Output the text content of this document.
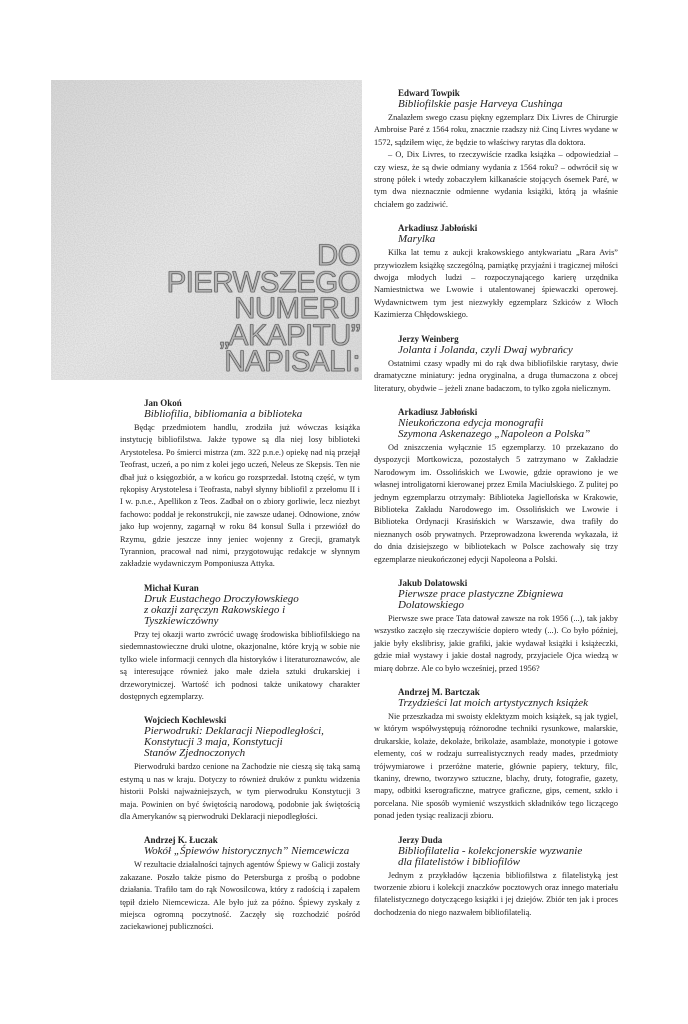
DO
PIERWSZEGO
NUMERU
„AKAPITU”
NAPISALI:
Jan Okoń
Bibliofilia, bibliomania a biblioteka

Będąc przedmiotem handlu, zrodziła już wówczas książka instytucję bibliofilstwa. Jakże typowe są dla niej losy biblioteki Arystotelesa. Po śmierci mistrza (zm. 322 p.n.e.) opiekę nad nią przejął Teofrast, uczeń, a po nim z kolei jego uczeń, Neleus ze Skepsis. Ten nie dbał już o księgozbiór, a w końcu go rozsprzedał. Istotną część, w tym rękopisy Arystotelesa i Teofrasta, nabył słynny bibliofil z przełomu II i I w. p.n.e., Apellikon z Teos. Zadbał on o zbiory gorliwie, lecz niezbyt fachowo: poddał je rekonstrukcji, nie zawsze udanej. Odnowione, znów jako łup wojenny, zagarnął w roku 84 konsul Sulla i przewiózł do Rzymu, gdzie jeszcze inny jeniec wojenny z Grecji, gramatyk Tyrannion, pracował nad nimi, przygotowując redakcje w słynnym zakładzie wydawniczym Pomponiusza Attyka.

Michał Kuran
Druk Eustachego Droczyłowskiego
z okazji zaręczyn Rakowskiego i Tyszkiewiczówny

Przy tej okazji warto zwrócić uwagę środowiska bibliofilskiego na siedemnastowieczne druki ulotne, okazjonalne, które kryją w sobie nie tylko wiele informacji cennych dla historyków i literaturoznawców, ale są interesujące również jako małe dzieła sztuki drukarskiej i drzeworytniczej. Wartość ich podnosi także unikatowy charakter dostępnych egzemplarzy.

Wojciech Kochlewski
Pierwodruki: Deklaracji Niepodległości,
Konstytucji 3 maja, Konstytucji
Stanów Zjednoczonych

Pierwodruki bardzo cenione na Zachodzie nie cieszą się taką samą estymą u nas w kraju. Dotyczy to również druków z punktu widzenia historii Polski najważniejszych, w tym pierwodruku Konstytucji 3 maja. Powinien on być świętością narodową, podobnie jak świętością dla Amerykanów są pierwodruki Deklaracji niepodległości.

Andrzej K. Łuczak
Wokół „Śpiewów historycznych” Niemcewicza

W rezultacie działalności tajnych agentów Śpiewy w Galicji zostały zakazane. Poszło także pismo do Petersburga z prośbą o podobne działania. Trafiło tam do rąk Nowosilcowa, który z radością i zapałem tępił dzieło Niemcewicza. Ale było już za późno. Śpiewy zyskały z miejsca ogromną poczytność. Zaczęły się rozchodzić pośród zaciekawionej publiczności.

Edward Towpik
Bibliofilskie pasje Harveya Cushinga

Znalazłem swego czasu piękny egzemplarz Dix Livres de Chirurgie Ambroise Paré z 1564 roku, znacznie rzadszy niż Cinq Livres wydane w 1572, sądziłem więc, że będzie to właściwy rarytas dla doktora.

– O, Dix Livres, to rzeczywiście rzadka książka – odpowiedział – czy wiesz, że są dwie odmiany wydania z 1564 roku? – odwrócił się w stronę półek i wtedy zobaczyłem kilkanaście stojących ósemek Paré, w tym dwa nieznacznie odmienne wydania książki, którą ja właśnie chciałem go zadziwić.

Arkadiusz Jabłoński
Marylka

Kilka lat temu z aukcji krakowskiego antykwariatu „Rara Avis” przywiozłem książkę szczególną, pamiątkę przyjaźni i tragicznej miłości dwojga młodych ludzi – rozpoczynającego karierę urzędnika Namiestnictwa we Lwowie i utalentowanej śpiewaczki operowej. Wydawnictwem tym jest niezwykły egzemplarz Szkiców z Włoch Kazimierza Chłędowskiego.

Jerzy Weinberg
Jolanta i Jolanda, czyli Dwaj wybrańcy

Ostatnimi czasy wpadły mi do rąk dwa bibliofilskie rarytasy, dwie dramatyczne miniatury: jedna oryginalna, a druga tłumaczona z obcej literatury, obydwie – jeżeli znane badaczom, to tylko zgoła nielicznym.

Arkadiusz Jabłoński
Nieukończona edycja monografii
Szymona Askenazego „Napoleon a Polska”

Od zniszczenia wyłącznie 15 egzemplarzy. 10 przekazano do dyspozycji Mortkowicza, pozostałych 5 zatrzymano w Zakładzie Narodowym im. Ossolińskich we Lwowie, gdzie oprawiono je we własnej introligatorni kierowanej przez Emila Maciułskiego. Z pulitej po jednym egzemplarzu otrzymały: Biblioteka Jagiellońska w Krakowie, Biblioteka Zakładu Narodowego im. Ossolińskich we Lwowie i Biblioteka Ordynacji Krasińskich w Warszawie, dwa trafiły do nieznanych osób prywatnych. Przeprowadzona kwerenda wykazała, iż do dnia dzisiejszego w bibliotekach w Polsce zachowały się trzy egzemplarze nieukończonej edycji Napoleona a Polski.

Jakub Dolatowski
Pierwsze prace plastyczne Zbigniewa Dolatowskiego

Pierwsze swe prace Tata datował zawsze na rok 1956 (...), tak jakby wszystko zaczęło się rzeczywiście dopiero wtedy (...). Co było później, jakie były ekslibrisy, jakie grafiki, jakie wydawał książki i książeczki, gdzie miał wystawy i jakie dostał nagrody, przyjaciele Ojca wiedzą w miarę dobrze. Ale co było wcześniej, przed 1956?

Andrzej M. Bartczak
Trzydzieści lat moich artystycznych książek

Nie przeszkadza mi swoisty eklektyzm moich książek, są jak tygiel, w którym współwystępują różnorodne techniki rysunkowe, malarskie, drukarskie, kolaże, dekolaże, brikolaże, asamblaże, monotypie i gotowe elementy, coś w rodzaju surrealistycznych ready mades, przedmioty trójwymiarowe i przeróżne materie, głównie papiery, tektury, filc, tkaniny, drewno, tworzywo sztuczne, blachy, druty, fotografie, gazety, mapy, odbitki kserograficzne, matryce graficzne, gips, cement, szkło i porcelana. Nie sposób wymienić wszystkich składników tego liczącego ponad jeden tysiąc realizacji zbioru.

Jerzy Duda
Bibliofilatelia - kolekcjonerskie wyzwanie
dla filatelistów i bibliofilów

Jednym z przykładów łączenia bibliofilstwa z filatelistyką jest tworzenie zbioru i kolekcji znaczków pocztowych oraz innego materiału filatelistycznego dotyczącego książki i jej dziejów. Zbiór ten jak i proces dochodzenia do niego nazwałem bibliofilatelią.
